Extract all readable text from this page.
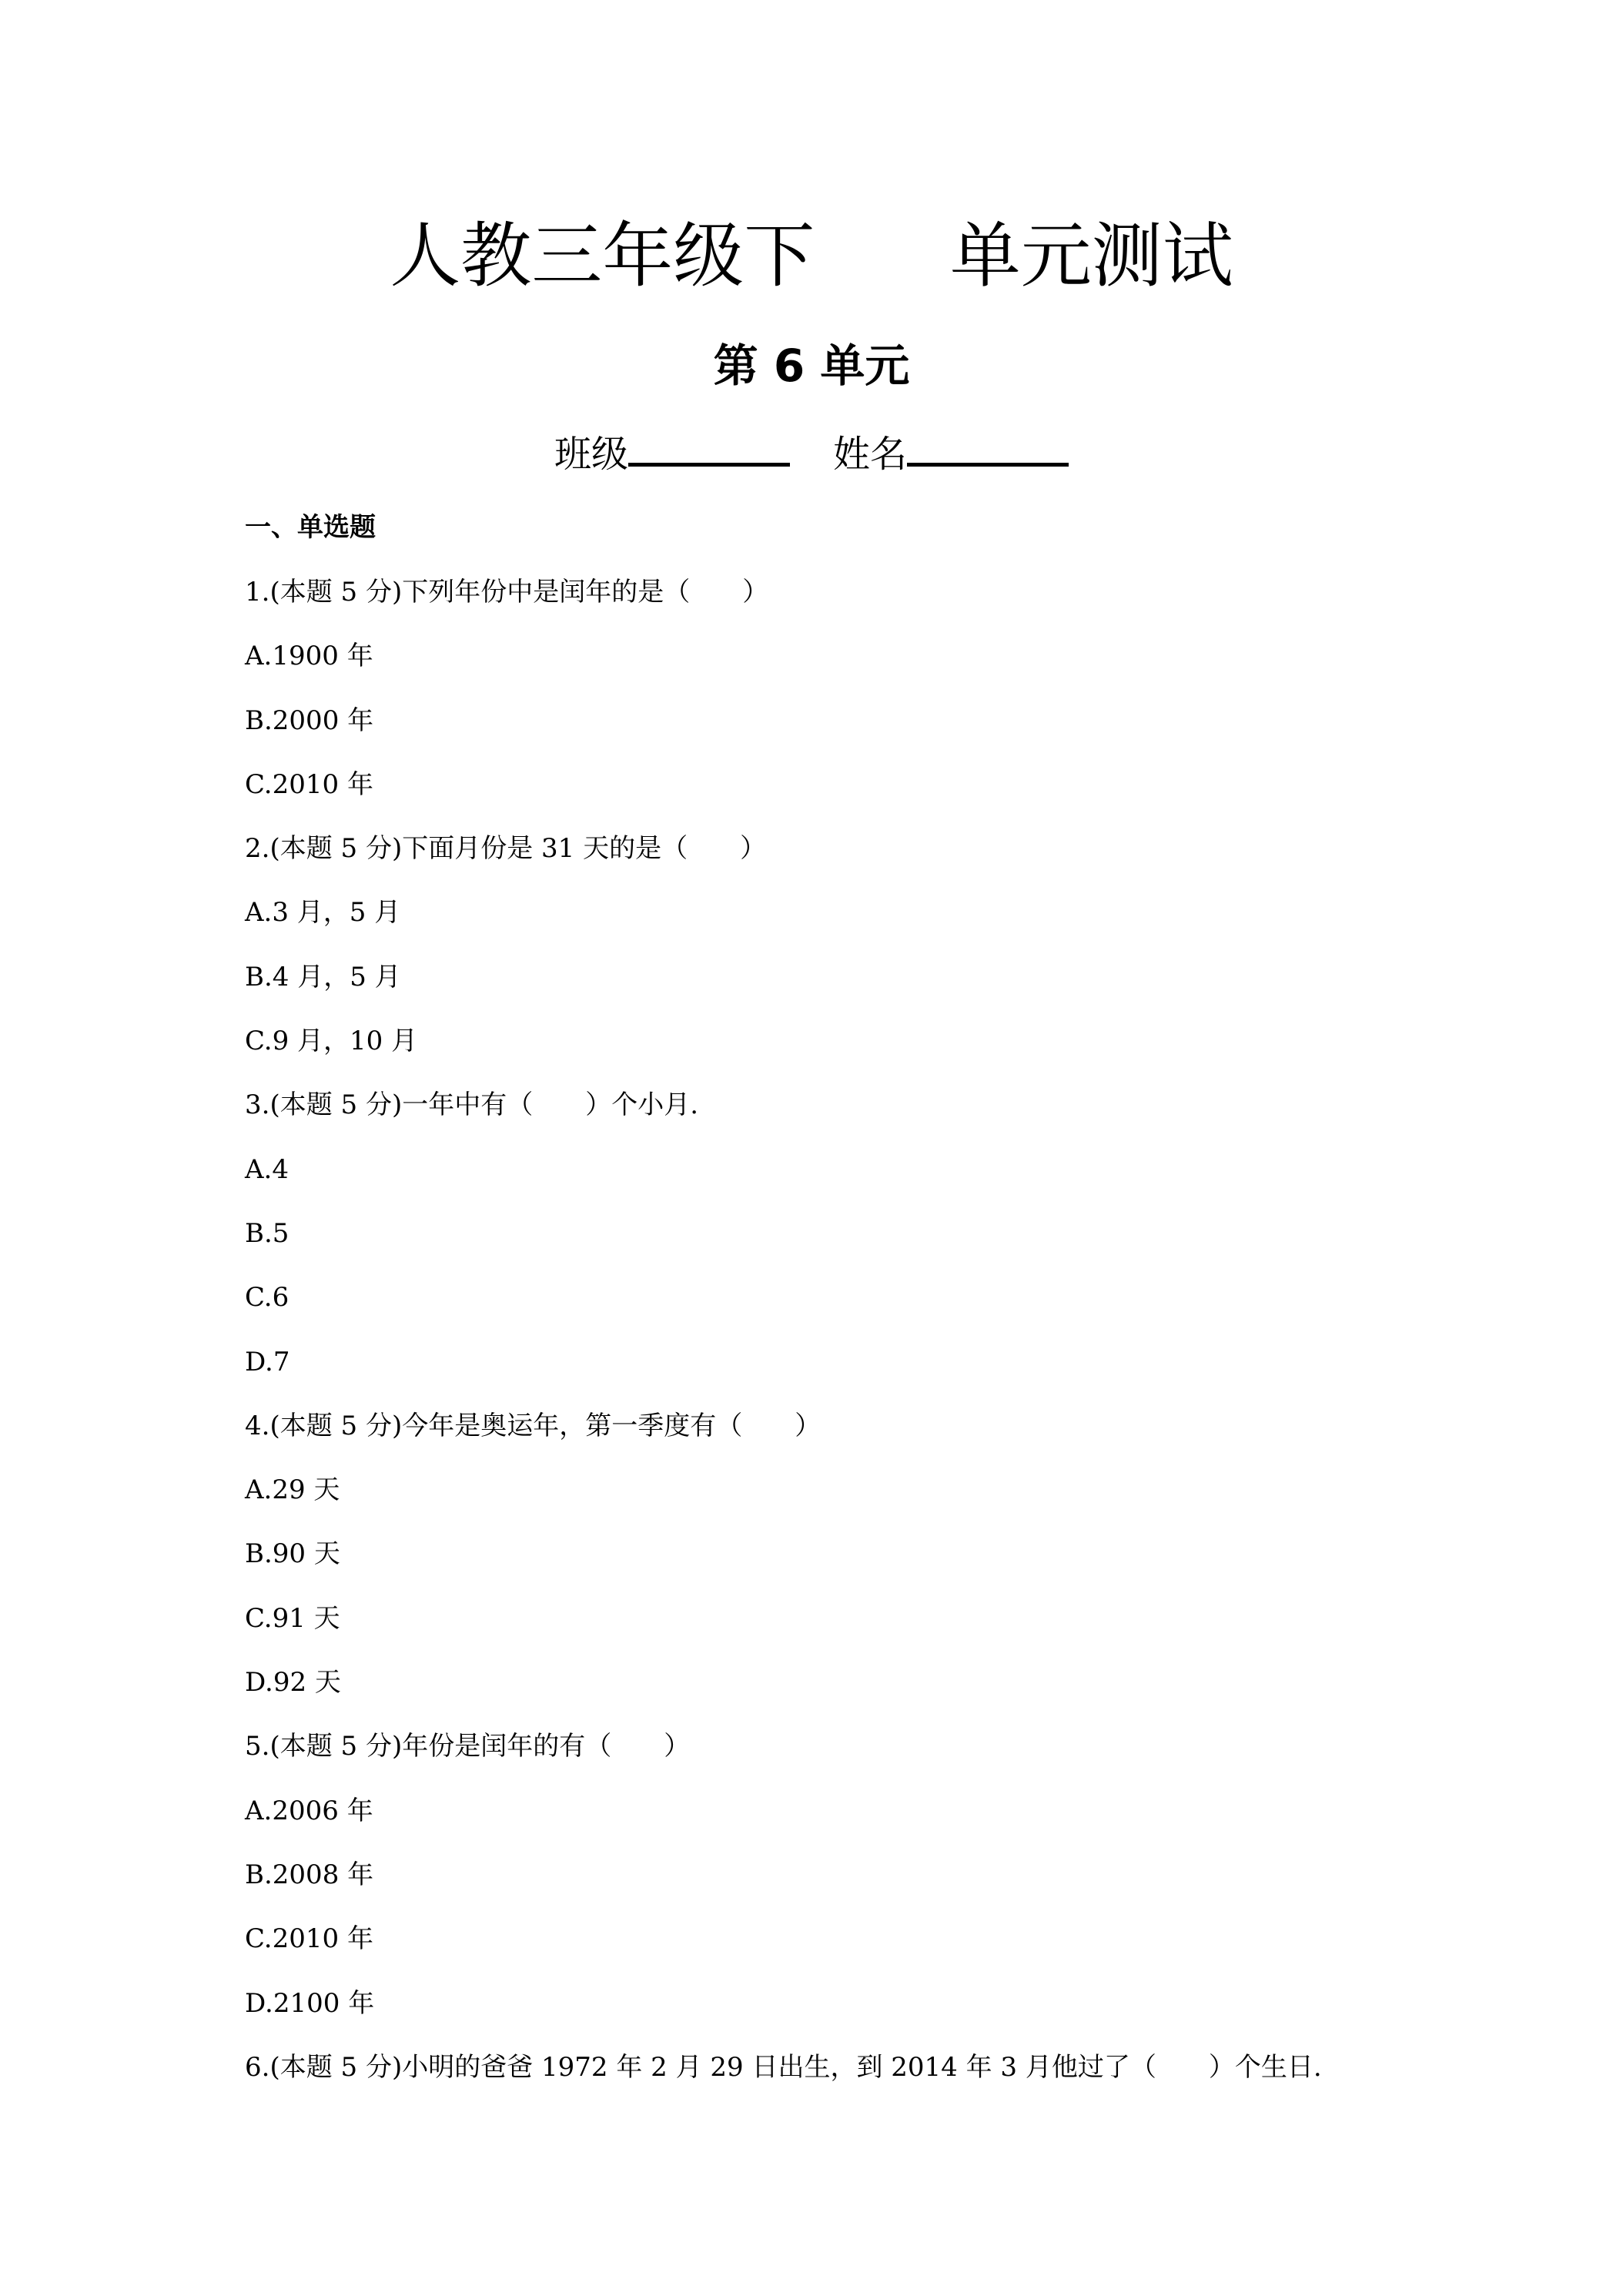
人教三年级下      单元测试
第 6 单元
班级	姓名
一、单选题
1.(本题 5 分)下列年份中是闰年的是（　　）
A.1900 年
B.2000 年
C.2010 年
2.(本题 5 分)下面月份是 31 天的是（　　）
A.3 月，5 月
B.4 月，5 月
C.9 月，10 月
3.(本题 5 分)一年中有（　　）个小月.
A.4
B.5
C.6
D.7
4.(本题 5 分)今年是奥运年，第一季度有（　　）
A.29 天
B.90 天
C.91 天
D.92 天
5.(本题 5 分)年份是闰年的有（　　）
A.2006 年
B.2008 年
C.2010 年
D.2100 年
6.(本题 5 分)小明的爸爸 1972 年 2 月 29 日出生，到 2014 年 3 月他过了（　　）个生日.
